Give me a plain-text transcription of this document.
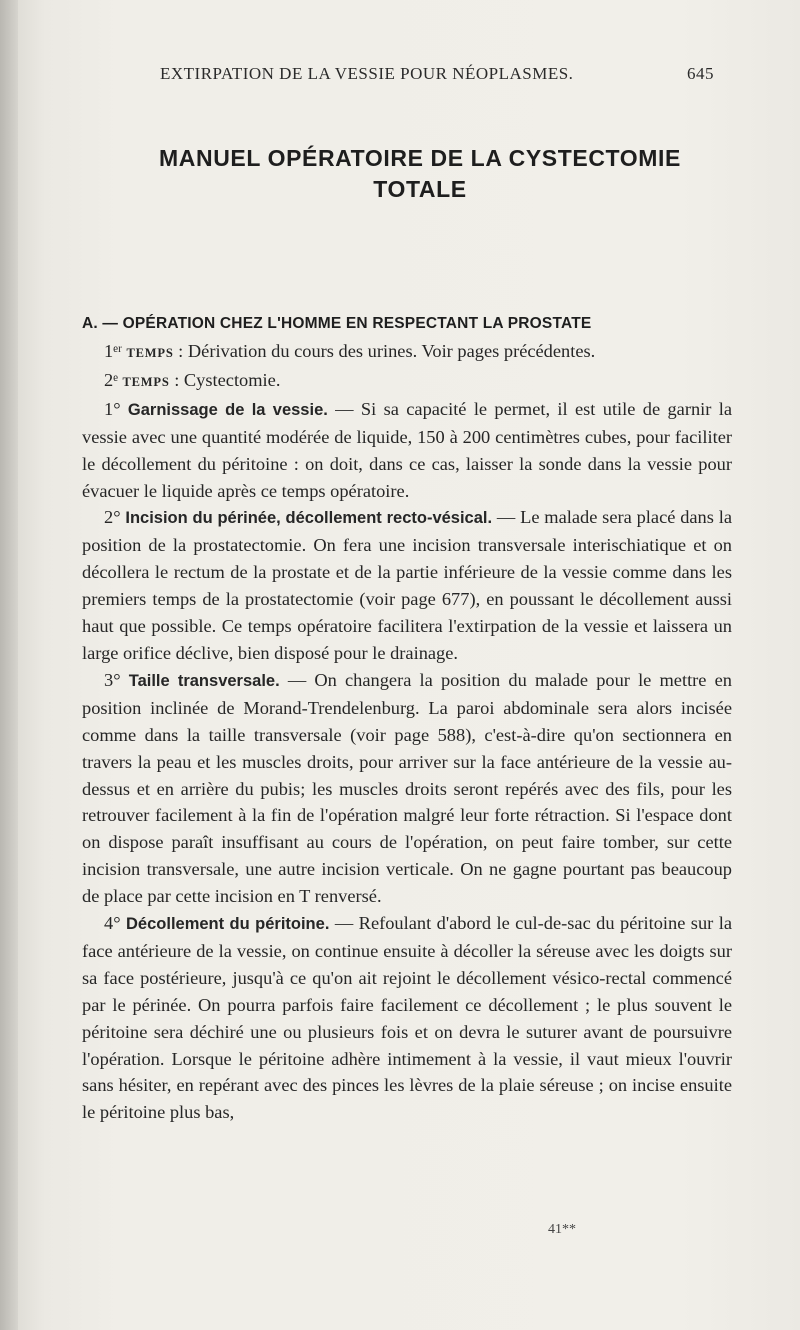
EXTIRPATION DE LA VESSIE POUR NÉOPLASMES.	645
MANUEL OPÉRATOIRE DE LA CYSTECTOMIE
TOTALE
A. — OPÉRATION CHEZ L'HOMME EN RESPECTANT LA PROSTATE

1ᵉʳ TEMPS : Dérivation du cours des urines. Voir pages précédentes.

2ᵉ TEMPS : Cystectomie.

1° Garnissage de la vessie. — Si sa capacité le permet, il est utile de garnir la vessie avec une quantité modérée de liquide, 150 à 200 centimètres cubes, pour faciliter le décollement du péritoine : on doit, dans ce cas, laisser la sonde dans la vessie pour évacuer le liquide après ce temps opératoire.

2° Incision du périnée, décollement recto-vésical. — Le malade sera placé dans la position de la prostatectomie. On fera une incision transversale interischiatique et on décollera le rectum de la prostate et de la partie inférieure de la vessie comme dans les premiers temps de la prostatectomie (voir page 677), en poussant le décollement aussi haut que possible. Ce temps opératoire facilitera l'extirpation de la vessie et laissera un large orifice déclive, bien disposé pour le drainage.

3° Taille transversale. — On changera la position du malade pour le mettre en position inclinée de Morand-Trendelenburg. La paroi abdominale sera alors incisée comme dans la taille transversale (voir page 588), c'est-à-dire qu'on sectionnera en travers la peau et les muscles droits, pour arriver sur la face antérieure de la vessie au-dessus et en arrière du pubis; les muscles droits seront repérés avec des fils, pour les retrouver facilement à la fin de l'opération malgré leur forte rétraction. Si l'espace dont on dispose paraît insuffisant au cours de l'opération, on peut faire tomber, sur cette incision transversale, une autre incision verticale. On ne gagne pourtant pas beaucoup de place par cette incision en T renversé.

4° Décollement du péritoine. — Refoulant d'abord le cul-de-sac du péritoine sur la face antérieure de la vessie, on continue ensuite à décoller la séreuse avec les doigts sur sa face postérieure, jusqu'à ce qu'on ait rejoint le décollement vésico-rectal commencé par le périnée. On pourra parfois faire facilement ce décollement ; le plus souvent le péritoine sera déchiré une ou plusieurs fois et on devra le suturer avant de poursuivre l'opération. Lorsque le péritoine adhère intimement à la vessie, il vaut mieux l'ouvrir sans hésiter, en repérant avec des pinces les lèvres de la plaie séreuse ; on incise ensuite le péritoine plus bas,

41**
